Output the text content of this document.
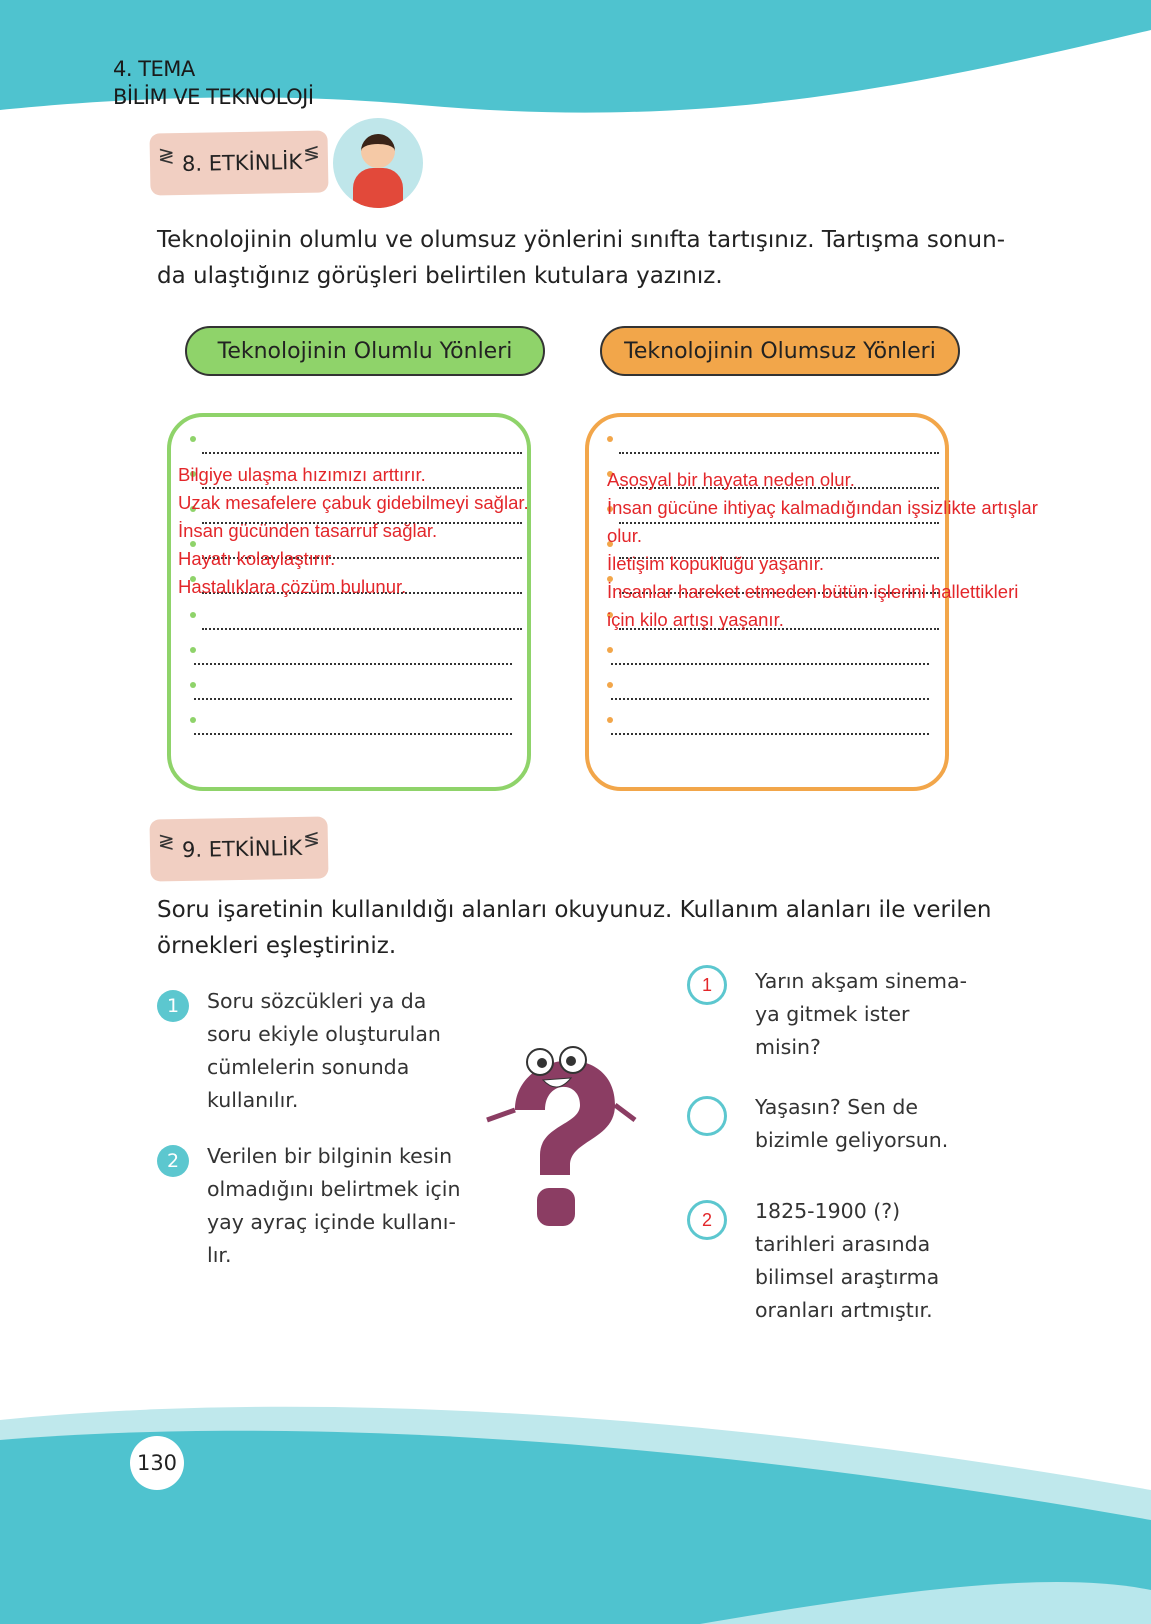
4. TEMA
BİLİM VE TEKNOLOJİ
≷ 8. ETKİNLİK ≶
Teknolojinin olumlu ve olumsuz yönlerini sınıfta tartışınız. Tartışma sonun-
da ulaştığınız görüşleri belirtilen kutulara yazınız.
Teknolojinin Olumlu Yönleri	Teknolojinin Olumsuz Yönleri
Bilgiye ulaşma hızımızı arttırır.
Uzak mesafelere çabuk gidebilmeyi sağlar.
İnsan gücünden tasarruf sağlar.
Hayatı kolaylaştırır.
Hastalıklara çözüm bulunur.
Asosyal bir hayata neden olur.
İnsan gücüne ihtiyaç kalmadığından işsizlikte artışlar
olur.
İletişim kopukluğu yaşanır.
İnsanlar hareket etmeden bütün işlerini hallettikleri
için kilo artışı yaşanır.
≷ 9. ETKİNLİK ≶
Soru işaretinin kullanıldığı alanları okuyunuz. Kullanım alanları ile verilen
örnekleri eşleştiriniz.
1	Soru sözcükleri ya da
soru ekiyle oluşturulan
cümlelerin sonunda
kullanılır.
2	Verilen bir bilginin kesin
olmadığını belirtmek için
yay ayraç içinde kullanı-
lır.
1	Yarın akşam sinema-
ya gitmek ister
misin?
Yaşasın? Sen de
bizimle geliyorsun.
2	1825-1900 (?)
tarihleri arasında
bilimsel araştırma
oranları artmıştır.
130
